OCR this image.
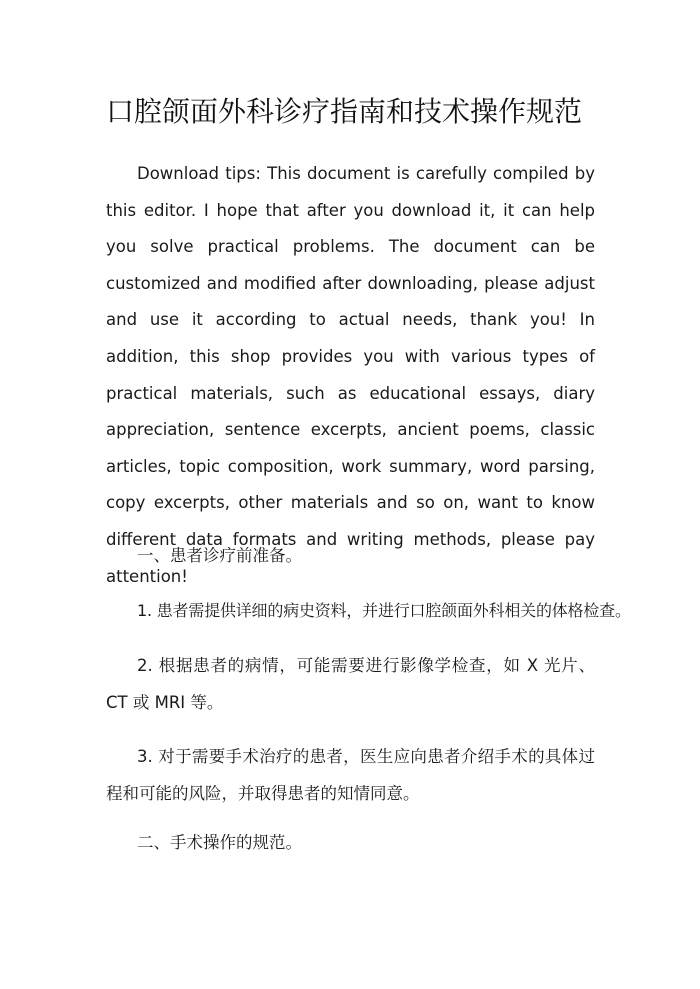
口腔颌面外科诊疗指南和技术操作规范

Download tips: This document is carefully compiled by this editor. I hope that after you download it, it can help you solve practical problems. The document can be customized and modified after downloading, please adjust and use it according to actual needs, thank you! In addition, this shop provides you with various types of practical materials, such as educational essays, diary appreciation, sentence excerpts, ancient poems, classic articles, topic composition, work summary, word parsing, copy excerpts, other materials and so on, want to know different data formats and writing methods, please pay attention!

一、患者诊疗前准备。

1. 患者需提供详细的病史资料，并进行口腔颌面外科相关的体格检查。

2. 根据患者的病情，可能需要进行影像学检查，如 X 光片、CT 或 MRI 等。

3. 对于需要手术治疗的患者，医生应向患者介绍手术的具体过程和可能的风险，并取得患者的知情同意。

二、手术操作的规范。
